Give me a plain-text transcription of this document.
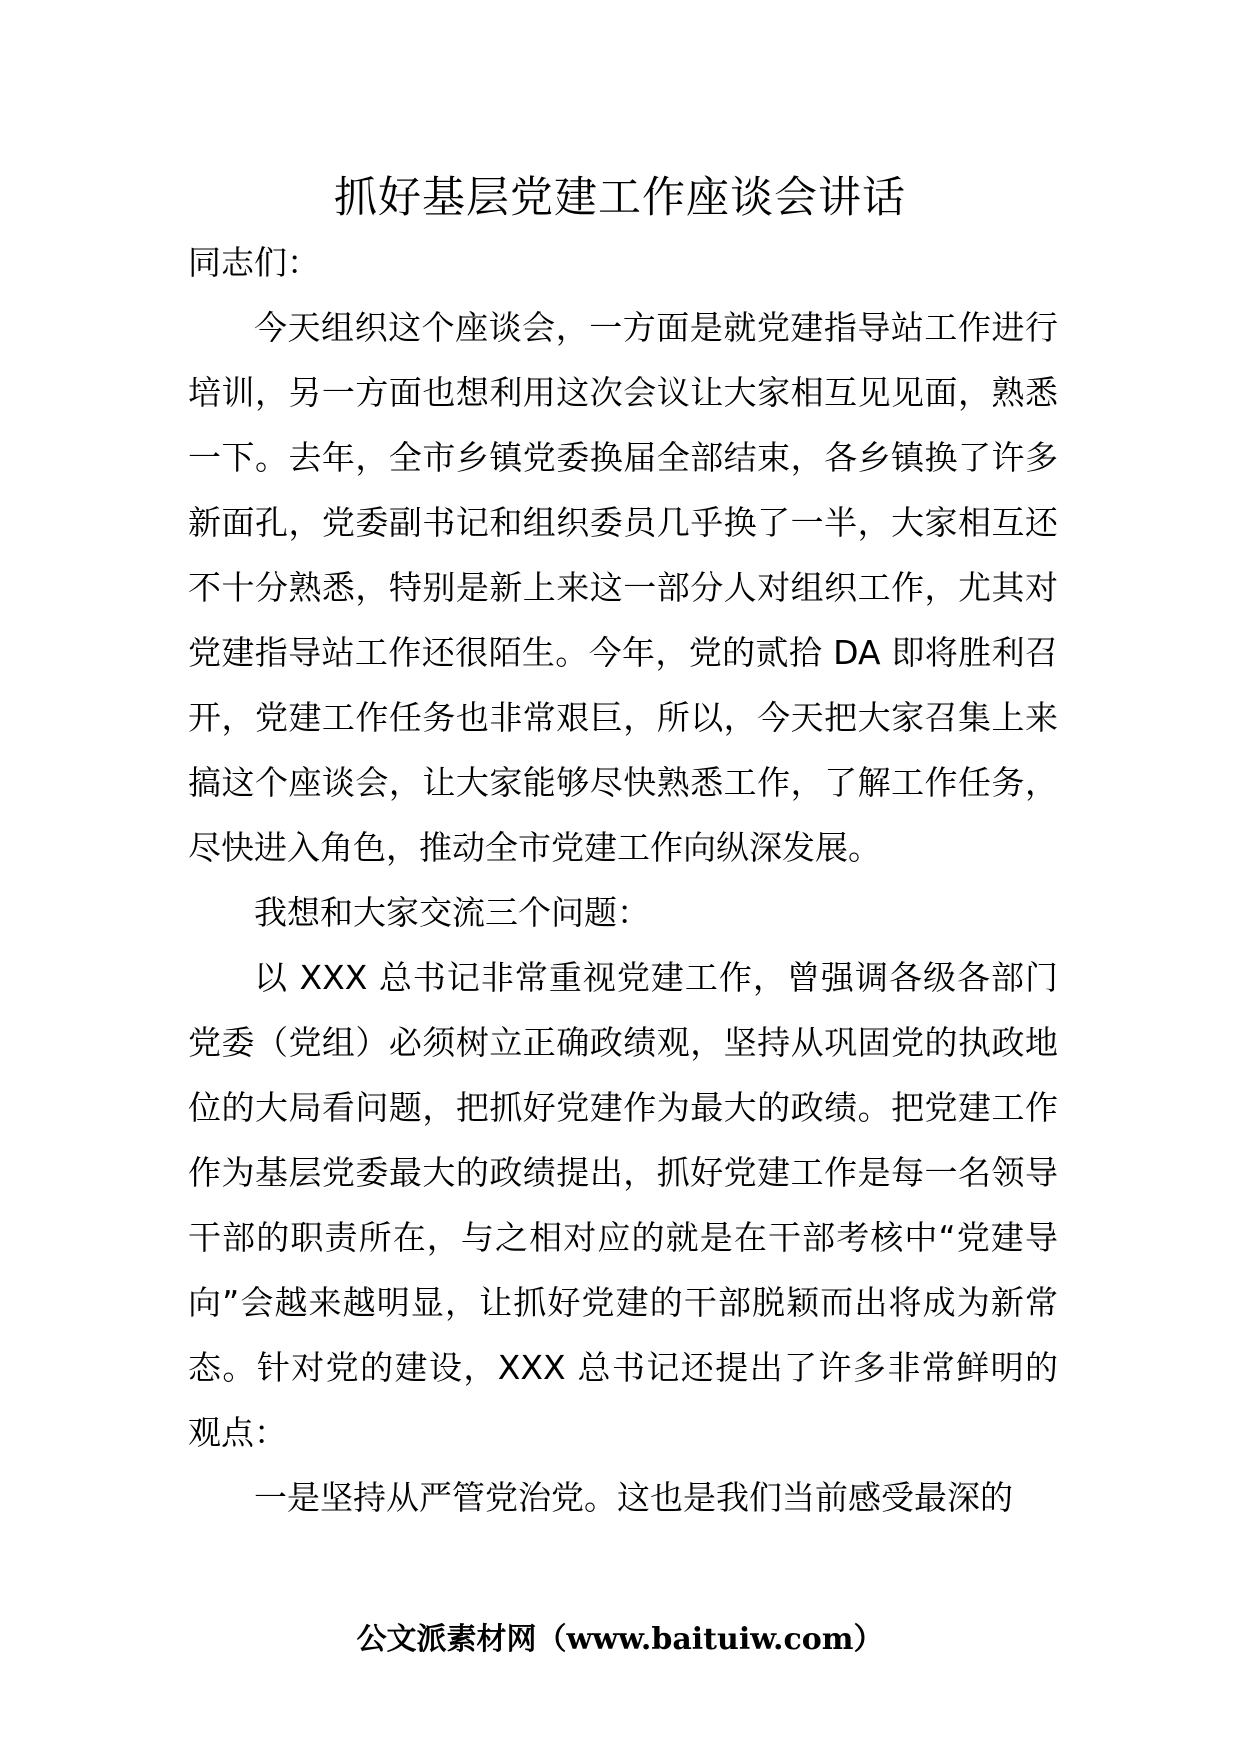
抓好基层党建工作座谈会讲话

同志们：

今天组织这个座谈会，一方面是就党建指导站工作进行培训，另一方面也想利用这次会议让大家相互见见面，熟悉一下。去年，全市乡镇党委换届全部结束，各乡镇换了许多新面孔，党委副书记和组织委员几乎换了一半，大家相互还不十分熟悉，特别是新上来这一部分人对组织工作，尤其对党建指导站工作还很陌生。今年，党的贰拾 DA 即将胜利召开，党建工作任务也非常艰巨，所以，今天把大家召集上来搞这个座谈会，让大家能够尽快熟悉工作，了解工作任务，尽快进入角色，推动全市党建工作向纵深发展。

我想和大家交流三个问题：

以 XXX 总书记非常重视党建工作，曾强调各级各部门党委（党组）必须树立正确政绩观，坚持从巩固党的执政地位的大局看问题，把抓好党建作为最大的政绩。把党建工作作为基层党委最大的政绩提出，抓好党建工作是每一名领导干部的职责所在，与之相对应的就是在干部考核中“党建导向”会越来越明显，让抓好党建的干部脱颖而出将成为新常态。针对党的建设，XXX 总书记还提出了许多非常鲜明的观点：

一是坚持从严管党治党。这也是我们当前感受最深的

公文派素材网（www.baituiw.com）
